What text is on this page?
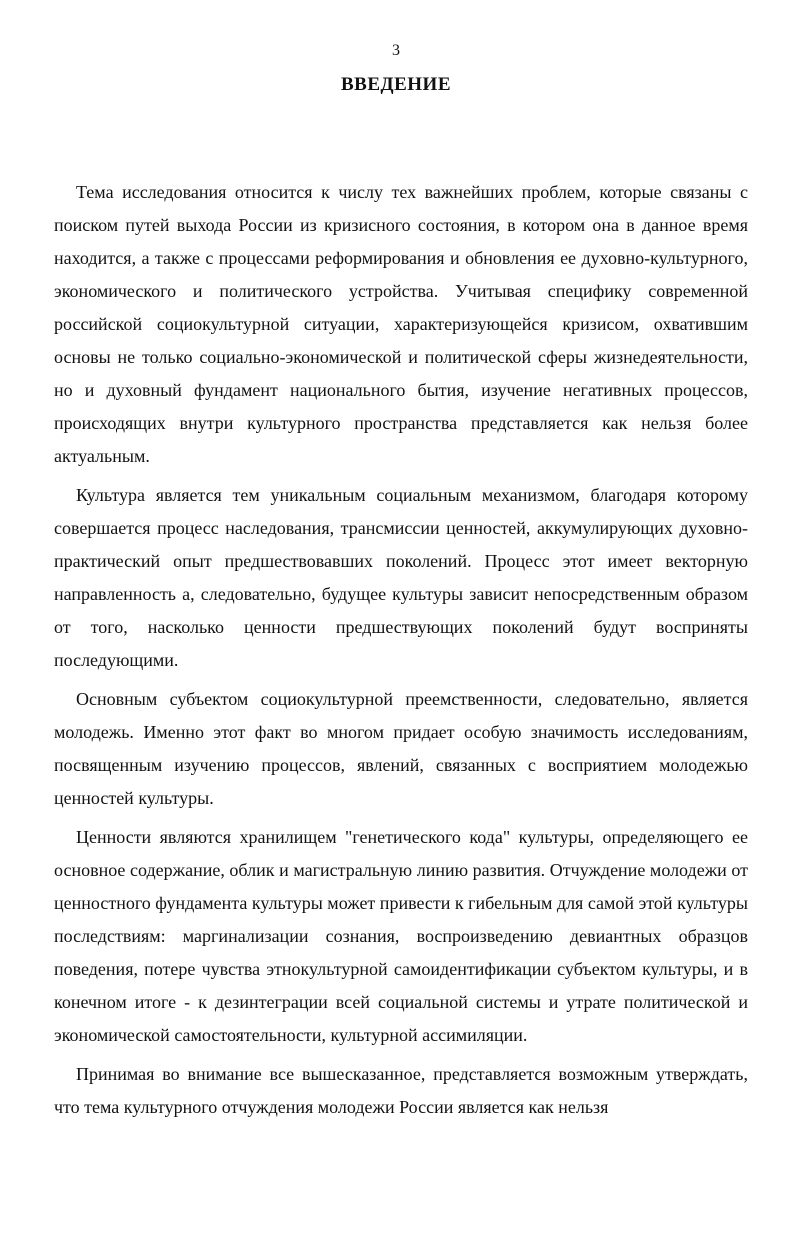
3
ВВЕДЕНИЕ

Тема исследования относится к числу тех важнейших проблем, которые связаны с поиском путей выхода России из кризисного состояния, в котором она в данное время находится, а также с процессами реформирования и обновления ее духовно-культурного, экономического и политического устройства. Учитывая специфику современной российской социокультурной ситуации, характеризующейся кризисом, охватившим основы не только социально-экономической и политической сферы жизнедеятельности, но и духовный фундамент национального бытия, изучение негативных процессов, происходящих внутри культурного пространства представляется как нельзя более актуальным.

Культура является тем уникальным социальным механизмом, благодаря которому совершается процесс наследования, трансмиссии ценностей, аккумулирующих духовно-практический опыт предшествовавших поколений. Процесс этот имеет векторную направленность а, следовательно, будущее культуры зависит непосредственным образом от того, насколько ценности предшествующих поколений будут восприняты последующими.

Основным субъектом социокультурной преемственности, следовательно, является молодежь. Именно этот факт во многом придает особую значимость исследованиям, посвященным изучению процессов, явлений, связанных с восприятием молодежью ценностей культуры.

Ценности являются хранилищем "генетического кода" культуры, определяющего ее основное содержание, облик и магистральную линию развития. Отчуждение молодежи от ценностного фундамента культуры может привести к гибельным для самой этой культуры последствиям: маргинализации сознания, воспроизведению девиантных образцов поведения, потере чувства этнокультурной самоидентификации субъектом культуры, и в конечном итоге - к дезинтеграции всей социальной системы и утрате политической и экономической самостоятельности, культурной ассимиляции.

Принимая во внимание все вышесказанное, представляется возможным утверждать, что тема культурного отчуждения молодежи России является как нельзя
